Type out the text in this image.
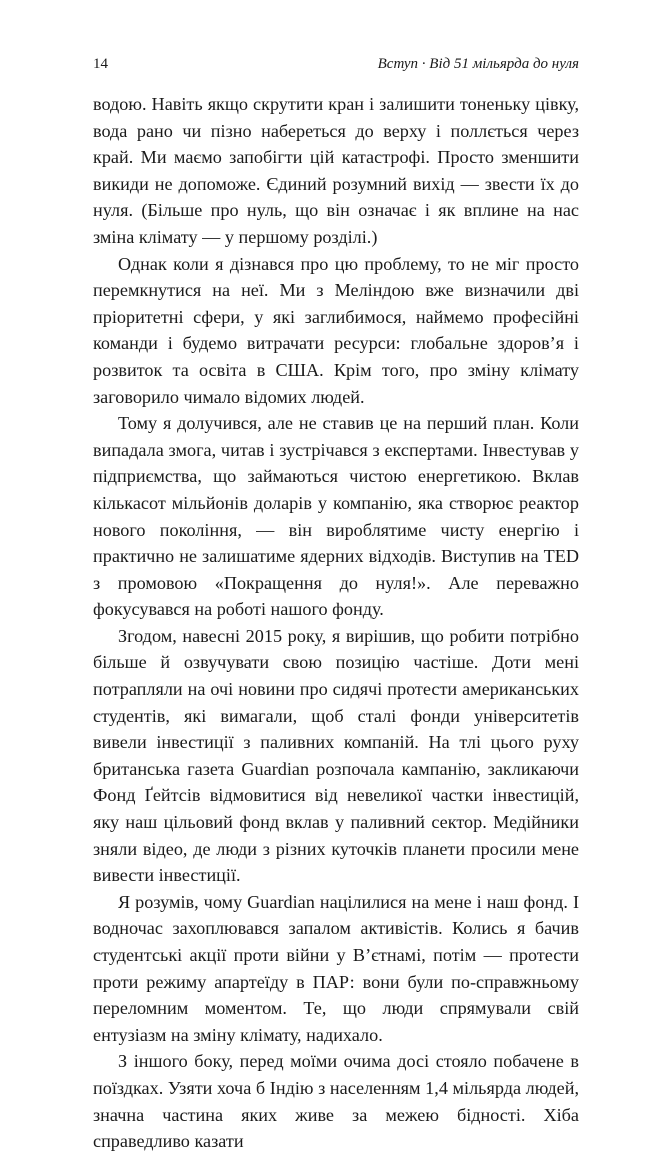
14	Вступ · Від 51 мільярда до нуля

водою. Навіть якщо скрутити кран і залишити тоненьку цівку, вода рано чи пізно набереться до верху і поллється через край. Ми маємо запобігти цій катастрофі. Просто зменшити викиди не допоможе. Єдиний розумний вихід — звести їх до нуля. (Більше про нуль, що він означає і як вплине на нас зміна клімату — у першому розділі.)

Однак коли я дізнався про цю проблему, то не міг просто перемкнутися на неї. Ми з Меліндою вже визначили дві пріоритетні сфери, у які заглибимося, наймемо професійні команди і будемо витрачати ресурси: глобальне здоров’я і розвиток та освіта в США. Крім того, про зміну клімату заговорило чимало відомих людей.

Тому я долучився, але не ставив це на перший план. Коли випадала змога, читав і зустрічався з експертами. Інвестував у підприємства, що займаються чистою енергетикою. Вклав кількасот мільйонів доларів у компанію, яка створює реактор нового покоління, — він вироблятиме чисту енергію і практично не залишатиме ядерних відходів. Виступив на TED з промовою «Покращення до нуля!». Але переважно фокусувався на роботі нашого фонду.

Згодом, навесні 2015 року, я вирішив, що робити потрібно більше й озвучувати свою позицію частіше. Доти мені потрапляли на очі новини про сидячі протести американських студентів, які вимагали, щоб сталі фонди університетів вивели інвестиції з паливних компаній. На тлі цього руху британська газета Guardian розпочала кампанію, закликаючи Фонд Ґейтсів відмовитися від невеликої частки інвестицій, яку наш цільовий фонд вклав у паливний сектор. Медійники зняли відео, де люди з різних куточків планети просили мене вивести інвестиції.

Я розумів, чому Guardian націлилися на мене і наш фонд. І водночас захоплювався запалом активістів. Колись я бачив студентські акції проти війни у В’єтнамі, потім — протести проти режиму апартеїду в ПАР: вони були по-справжньому переломним моментом. Те, що люди спрямували свій ентузіазм на зміну клімату, надихало.

З іншого боку, перед моїми очима досі стояло побачене в поїздках. Узяти хоча б Індію з населенням 1,4 мільярда людей, значна частина яких живе за межею бідності. Хіба справедливо казати
